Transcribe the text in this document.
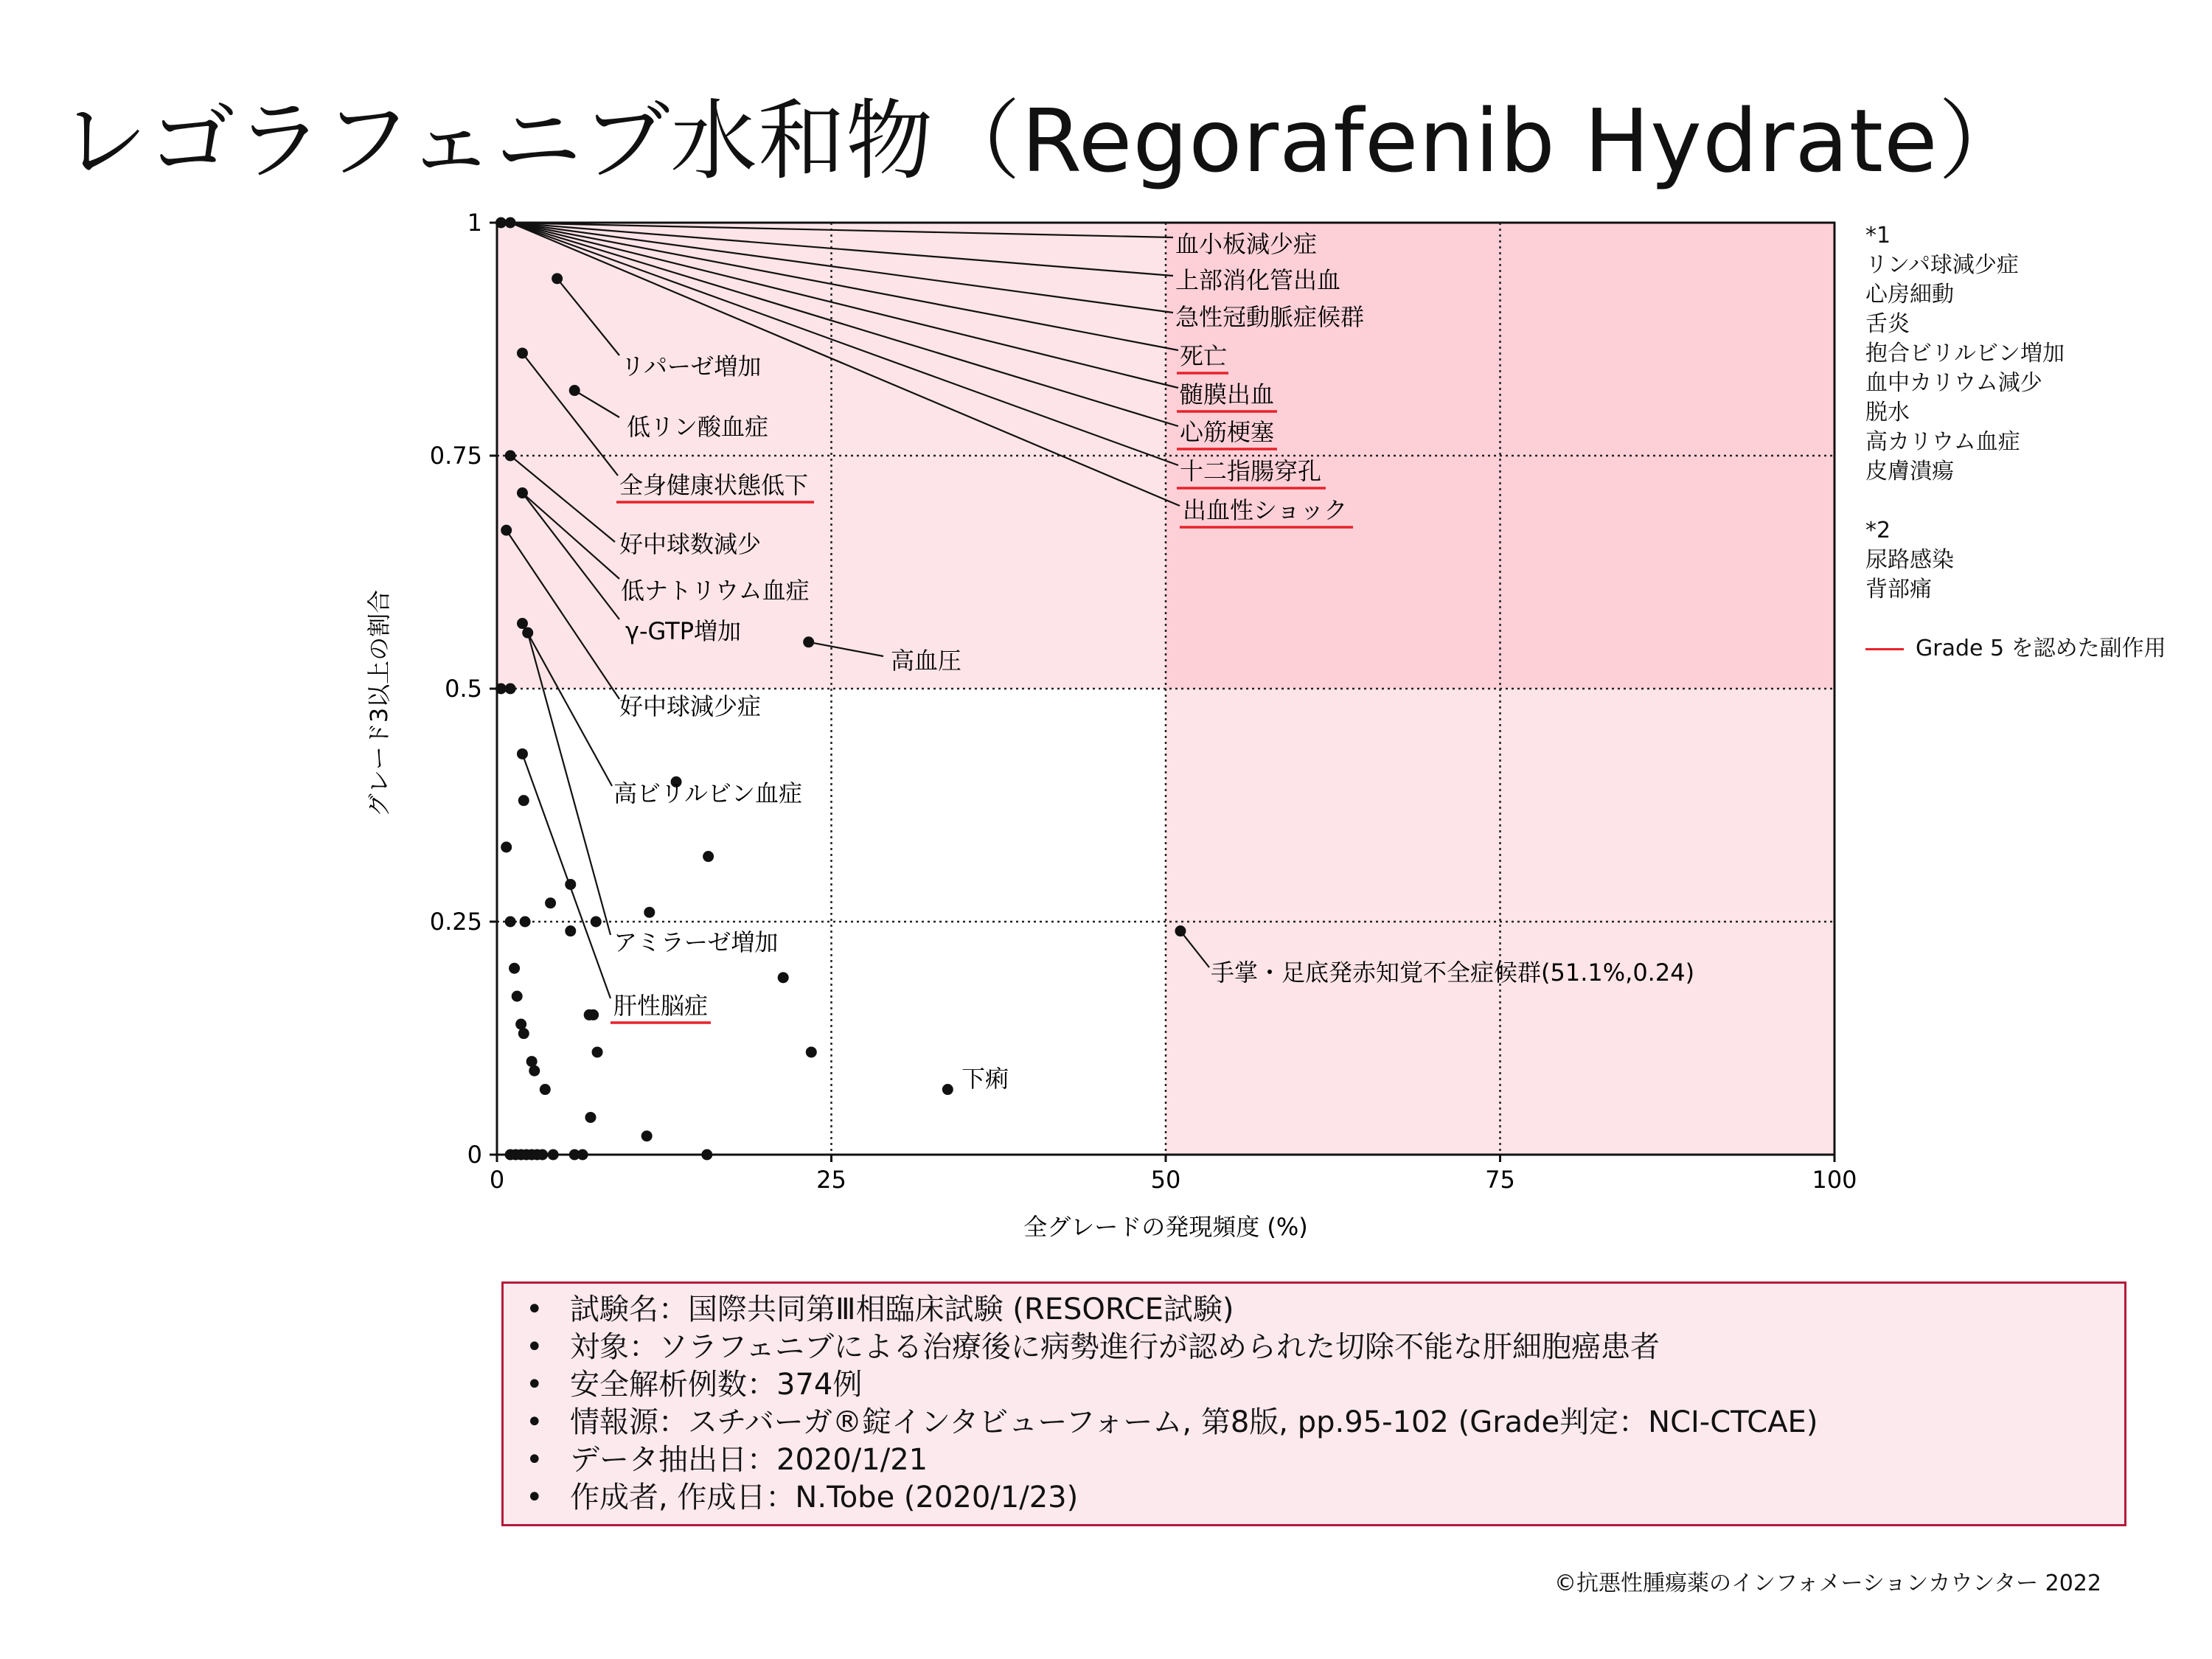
レゴラフェニブ水和物（Regorafenib Hydrate）
0	25	50	75	100
0
0.25
0.5
0.75
1
血小板減少症
上部消化管出血
急性冠動脈症候群
死亡
髄膜出血
心筋梗塞
十二指腸穿孔
出血性ショック
リパーゼ増加
低リン酸血症
全身健康状態低下
好中球数減少
低ナトリウム血症
γ-GTP増加
好中球減少症
高ビリルビン血症
高血圧
アミラーゼ増加
肝性脳症
手掌・足底発赤知覚不全症候群(51.1%,0.24)
下痢
全グレードの発現頻度 (%)
グレード3以上の割合
*1
リンパ球減少症
心房細動
舌炎
抱合ビリルビン増加
血中カリウム減少
脱水
高カリウム血症
皮膚潰瘍
*2
尿路感染
背部痛
Grade 5 を認めた副作用
• 試験名：国際共同第Ⅲ相臨床試験 (RESORCE試験)
• 対象：ソラフェニブによる治療後に病勢進行が認められた切除不能な肝細胞癌患者
• 安全解析例数：374例
• 情報源：スチバーガ®錠インタビューフォーム, 第8版, pp.95-102 (Grade判定：NCI-CTCAE)
• データ抽出日：2020/1/21
• 作成者, 作成日：N.Tobe (2020/1/23)
©抗悪性腫瘍薬のインフォメーションカウンター 2022
